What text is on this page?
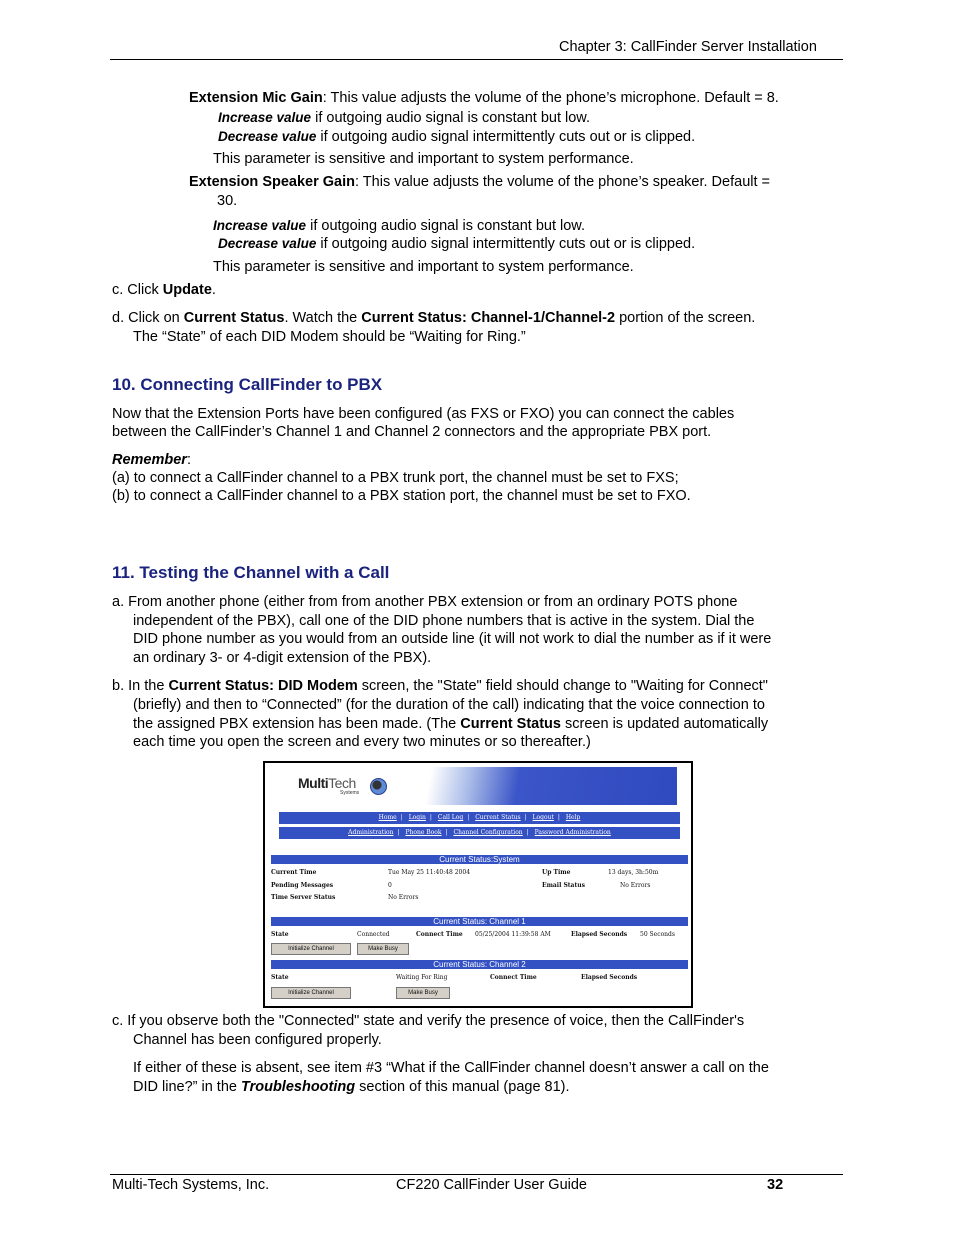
Chapter 3: CallFinder Server Installation
Extension Mic Gain: This value adjusts the volume of the phone’s microphone. Default = 8.
Increase value if outgoing audio signal is constant but low.
Decrease value if outgoing audio signal intermittently cuts out or is clipped.
This parameter is sensitive and important to system performance.
Extension Speaker Gain: This value adjusts the volume of the phone’s speaker. Default =
30.
Increase value if outgoing audio signal is constant but low.
Decrease value if outgoing audio signal intermittently cuts out or is clipped.
This parameter is sensitive and important to system performance.
c. Click Update.
d. Click on Current Status. Watch the Current Status: Channel-1/Channel-2 portion of the screen.
The “State” of each DID Modem should be “Waiting for Ring.”
10. Connecting CallFinder to PBX
Now that the Extension Ports have been configured (as FXS or FXO) you can connect the cables
between the CallFinder’s Channel 1 and Channel 2 connectors and the appropriate PBX port.
Remember:
(a) to connect a CallFinder channel to a PBX trunk port, the channel must be set to FXS;
(b) to connect a CallFinder channel to a PBX station port, the channel must be set to FXO.
11. Testing the Channel with a Call
a. From another phone (either from from another PBX extension or from an ordinary POTS phone
independent of the PBX), call one of the DID phone numbers that is active in the system. Dial the
DID phone number as you would from an outside line (it will not work to dial the number as if it were
an ordinary 3- or 4-digit extension of the PBX).
b. In the Current Status: DID Modem screen, the "State" field should change to "Waiting for Connect"
(briefly) and then to “Connected” (for the duration of the call) indicating that the voice connection to
the assigned PBX extension has been made. (The Current Status screen is updated automatically
each time you open the screen and every two minutes or so thereafter.)
MultiTech
Systems
Home | Login | Call Log | Current Status | Logout | Help
Administration | Phone Book | Channel Configuration | Password Administration
Current Status:System
Current Time	Tue May 25 11:40:48 2004	Up Time	13 days, 3h:50m
Pending Messages	0	Email Status	No Errors
Time Server Status	No Errors
Current Status: Channel 1
State	Connected	Connect Time 05/25/2004 11:39:58 AM	Elapsed Seconds 50 Seconds
Initialize Channel	Make Busy
Current Status: Channel 2
State	Waiting For Ring	Connect Time	Elapsed Seconds
Initialize Channel	Make Busy
c. If you observe both the "Connected" state and verify the presence of voice, then the CallFinder's
Channel has been configured properly.
If either of these is absent, see item #3 “What if the CallFinder channel doesn’t answer a call on the
DID line?” in the Troubleshooting section of this manual (page 81).
Multi-Tech Systems, Inc.	CF220 CallFinder User Guide	32
